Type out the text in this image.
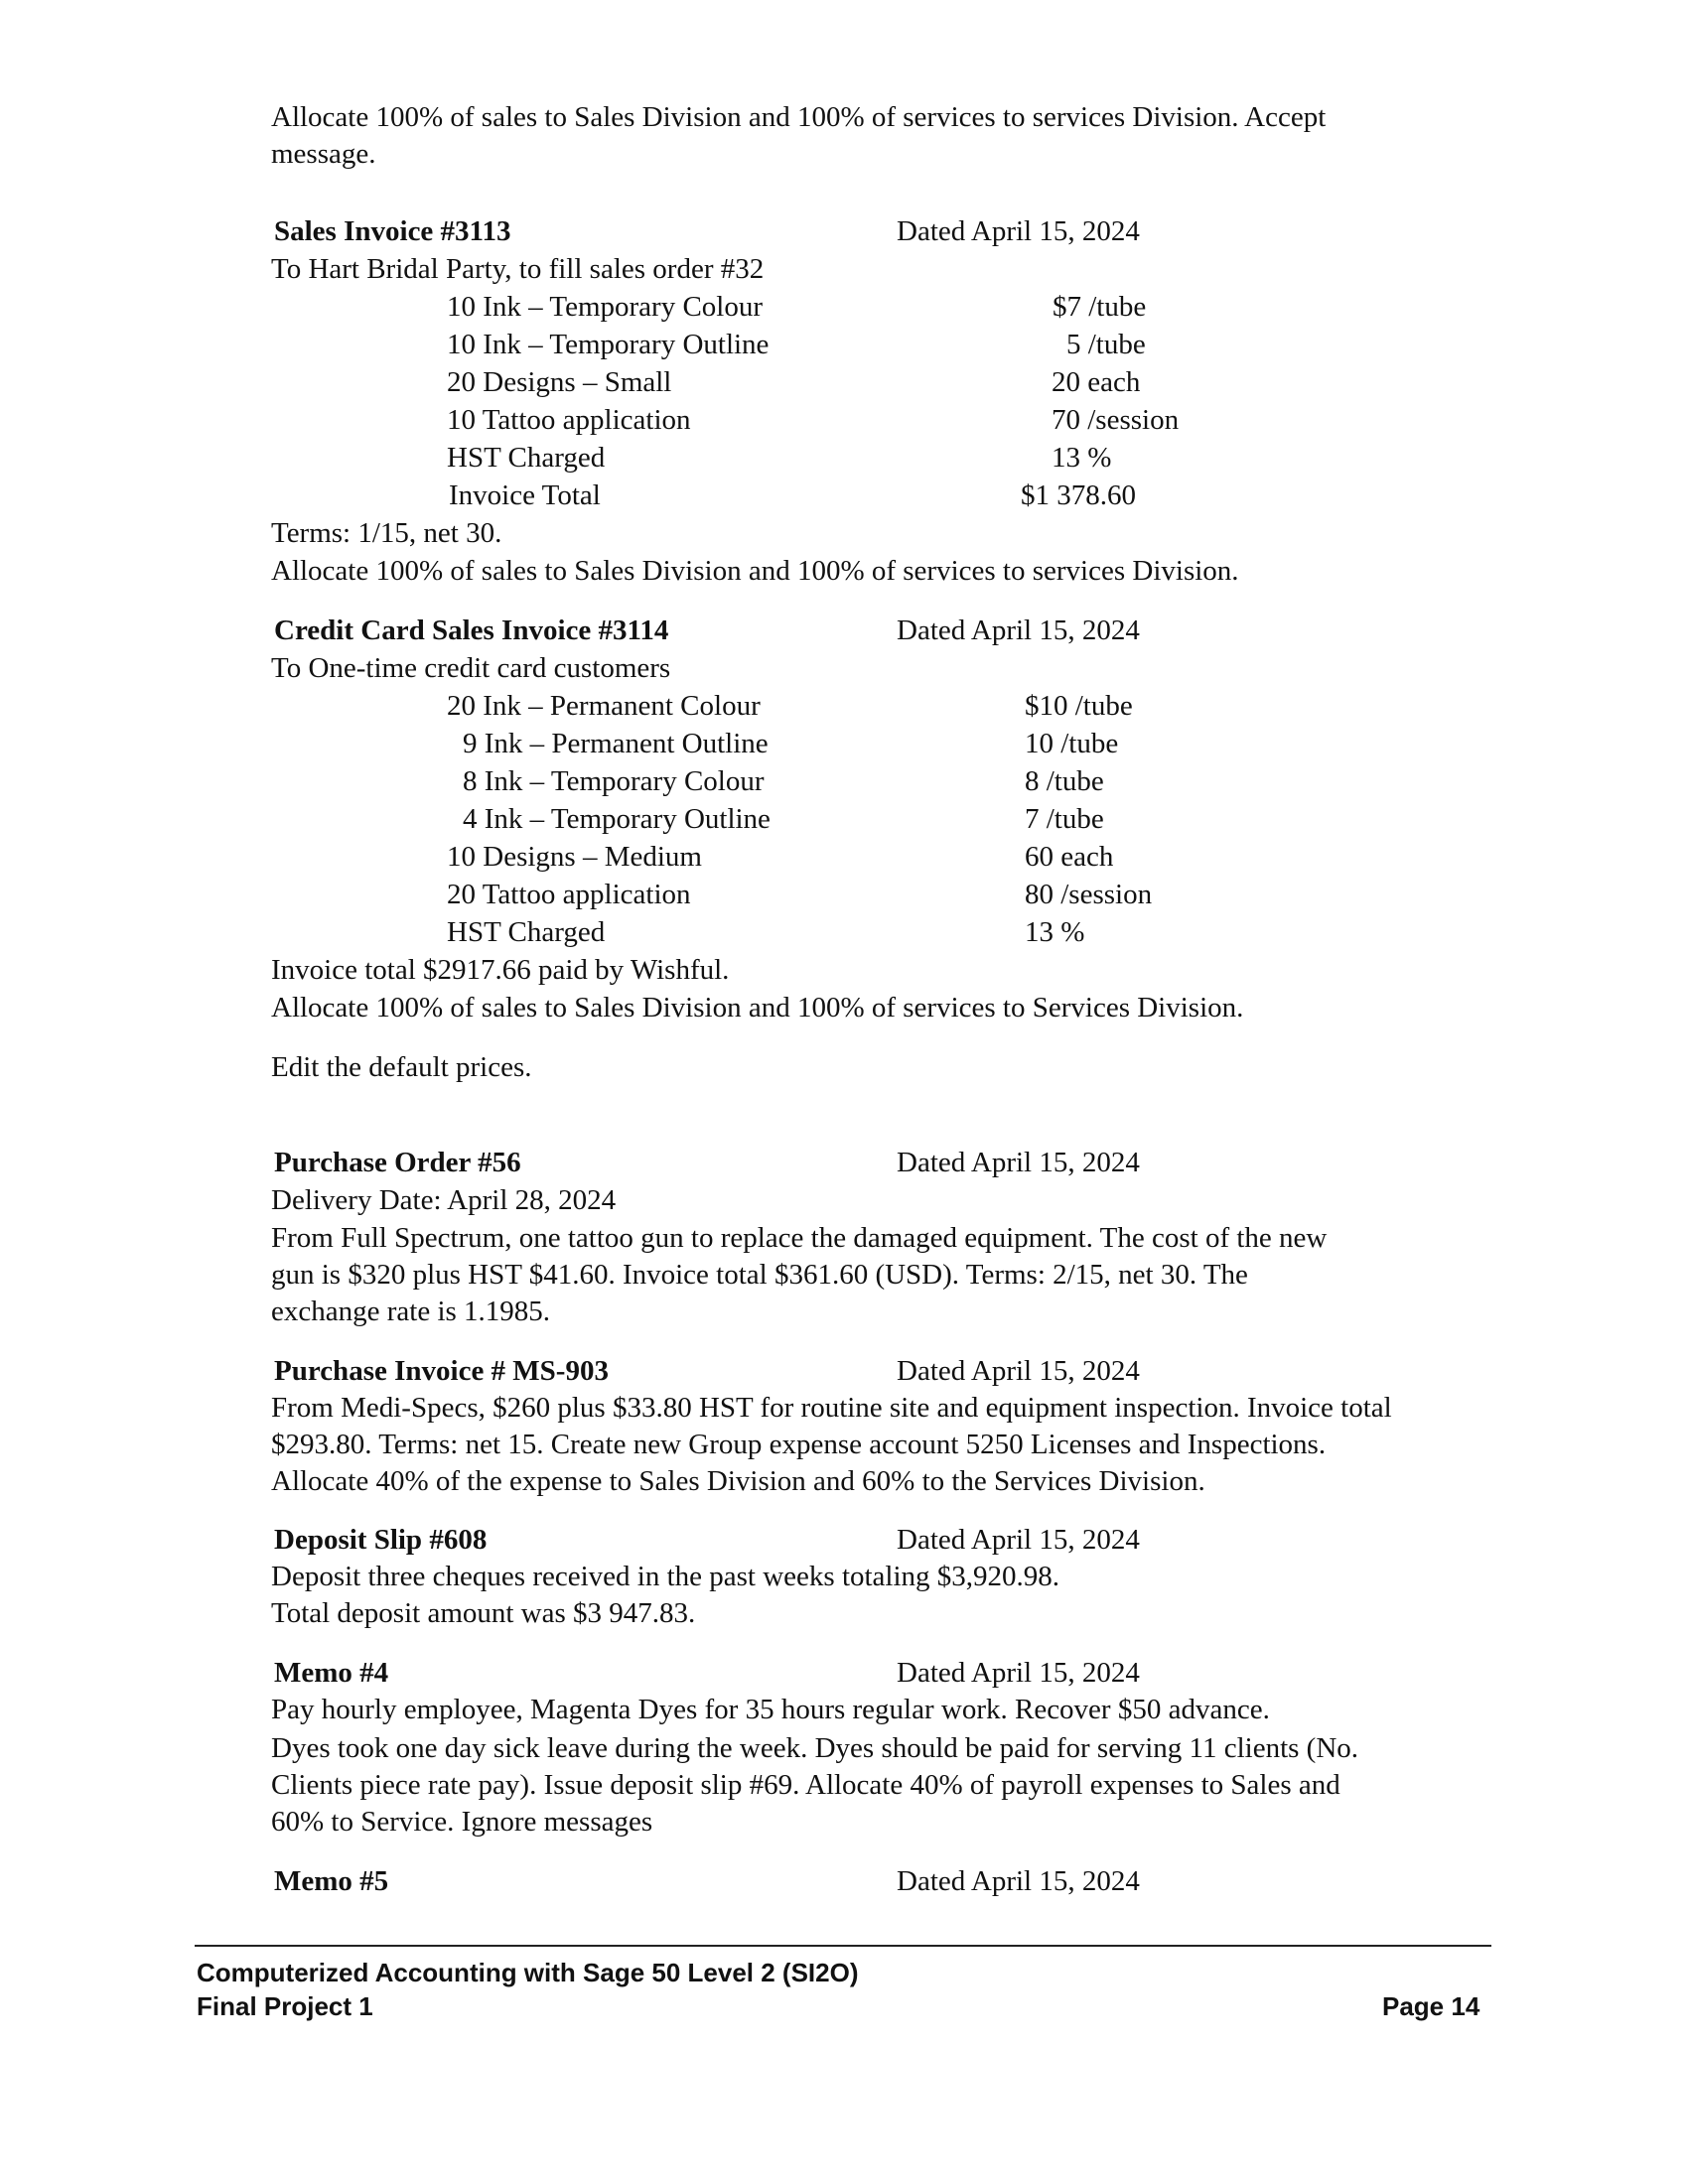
Allocate 100% of sales to Sales Division and 100% of services to services Division. Accept
message.
Sales Invoice #3113	Dated April 15, 2024
To Hart Bridal Party, to fill sales order #32
10 Ink – Temporary Colour	$7 /tube
10 Ink – Temporary Outline	5 /tube
20 Designs – Small	20 each
10 Tattoo application	70 /session
HST Charged	13 %
Invoice Total	$1 378.60
Terms: 1/15, net 30.
Allocate 100% of sales to Sales Division and 100% of services to services Division.
Credit Card Sales Invoice #3114	Dated April 15, 2024
To One-time credit card customers
20 Ink – Permanent Colour	$10 /tube
9 Ink – Permanent Outline	10 /tube
8 Ink – Temporary Colour	8 /tube
4 Ink – Temporary Outline	7 /tube
10 Designs – Medium	60 each
20 Tattoo application	80 /session
HST Charged	13 %
Invoice total $2917.66 paid by Wishful.
Allocate 100% of sales to Sales Division and 100% of services to Services Division.
Edit the default prices.
Purchase Order #56	Dated April 15, 2024
Delivery Date: April 28, 2024
From Full Spectrum, one tattoo gun to replace the damaged equipment. The cost of the new
gun is $320 plus HST $41.60. Invoice total $361.60 (USD). Terms: 2/15, net 30. The
exchange rate is 1.1985.
Purchase Invoice # MS-903	Dated April 15, 2024
From Medi-Specs, $260 plus $33.80 HST for routine site and equipment inspection. Invoice total
$293.80. Terms: net 15. Create new Group expense account 5250 Licenses and Inspections.
Allocate 40% of the expense to Sales Division and 60% to the Services Division.
Deposit Slip #608	Dated April 15, 2024
Deposit three cheques received in the past weeks totaling $3,920.98.
Total deposit amount was $3 947.83.
Memo #4	Dated April 15, 2024
Pay hourly employee, Magenta Dyes for 35 hours regular work. Recover $50 advance.
Dyes took one day sick leave during the week. Dyes should be paid for serving 11 clients (No.
Clients piece rate pay). Issue deposit slip #69. Allocate 40% of payroll expenses to Sales and
60% to Service. Ignore messages
Memo #5	Dated April 15, 2024
Computerized Accounting with Sage 50 Level 2 (SI2O)
Final Project 1	Page 14
